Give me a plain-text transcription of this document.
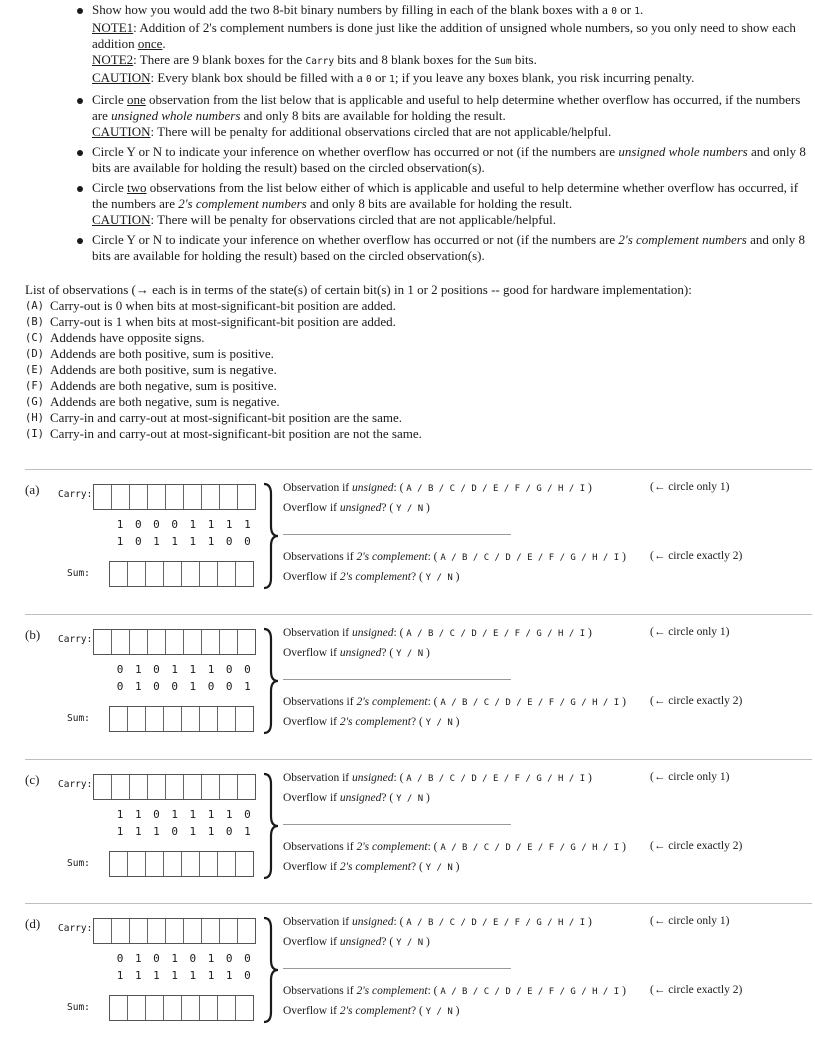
Show how you would add the two 8-bit binary numbers by filling in each of the blank boxes with a 0 or 1.
NOTE1: Addition of 2's complement numbers is done just like the addition of unsigned whole numbers, so you only need to show each addition once.
NOTE2: There are 9 blank boxes for the Carry bits and 8 blank boxes for the Sum bits.
CAUTION: Every blank box should be filled with a 0 or 1; if you leave any boxes blank, you risk incurring penalty.
Circle one observation from the list below that is applicable and useful to help determine whether overflow has occurred, if the numbers are unsigned whole numbers and only 8 bits are available for holding the result.
CAUTION: There will be penalty for additional observations circled that are not applicable/helpful.
Circle Y or N to indicate your inference on whether overflow has occurred or not (if the numbers are unsigned whole numbers and only 8 bits are available for holding the result) based on the circled observation(s).
Circle two observations from the list below either of which is applicable and useful to help determine whether overflow has occurred, if the numbers are 2's complement numbers and only 8 bits are available for holding the result.
CAUTION: There will be penalty for observations circled that are not applicable/helpful.
Circle Y or N to indicate your inference on whether overflow has occurred or not (if the numbers are 2's complement numbers and only 8 bits are available for holding the result) based on the circled observation(s).
List of observations (→ each is in terms of the state(s) of certain bit(s) in 1 or 2 positions -- good for hardware implementation):
(A) Carry-out is 0 when bits at most-significant-bit position are added.
(B) Carry-out is 1 when bits at most-significant-bit position are added.
(C) Addends have opposite signs.
(D) Addends are both positive, sum is positive.
(E) Addends are both positive, sum is negative.
(F) Addends are both negative, sum is positive.
(G) Addends are both negative, sum is negative.
(H) Carry-in and carry-out at most-significant-bit position are the same.
(I) Carry-in and carry-out at most-significant-bit position are not the same.
(a) Carry:
1	0	0	0	1	1	1	1
1	0	1	1	1	1	0	0
Sum:
Observation if unsigned: ( A / B / C / D / E / F / G / H / I )
Overflow if unsigned? ( Y / N )
Observations if 2's complement: ( A / B / C / D / E / F / G / H / I )
Overflow if 2's complement? ( Y / N )
(← circle only 1)
(← circle exactly 2)
(b) Carry:
0	1	0	1	1	1	0	0
0	1	0	0	1	0	0	1
Sum:
Observation if unsigned: ( A / B / C / D / E / F / G / H / I )
Overflow if unsigned? ( Y / N )
Observations if 2's complement: ( A / B / C / D / E / F / G / H / I )
Overflow if 2's complement? ( Y / N )
(← circle only 1)
(← circle exactly 2)
(c) Carry:
1	1	0	1	1	1	1	0
1	1	1	0	1	1	0	1
Sum:
Observation if unsigned: ( A / B / C / D / E / F / G / H / I )
Overflow if unsigned? ( Y / N )
Observations if 2's complement: ( A / B / C / D / E / F / G / H / I )
Overflow if 2's complement? ( Y / N )
(← circle only 1)
(← circle exactly 2)
(d) Carry:
0	1	0	1	0	1	0	0
1	1	1	1	1	1	1	0
Sum:
Observation if unsigned: ( A / B / C / D / E / F / G / H / I )
Overflow if unsigned? ( Y / N )
Observations if 2's complement: ( A / B / C / D / E / F / G / H / I )
Overflow if 2's complement? ( Y / N )
(← circle only 1)
(← circle exactly 2)
